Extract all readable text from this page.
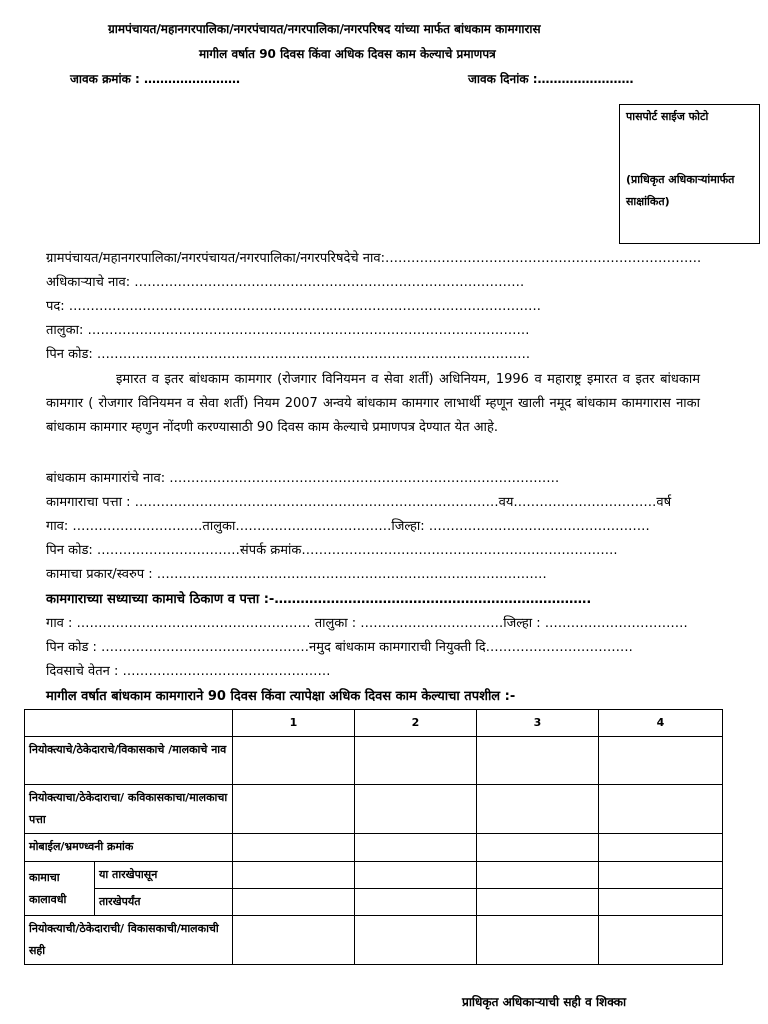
ग्रामपंचायत/महानगरपालिका/नगरपंचायत/नगरपालिका/नगरपरिषद यांच्या मार्फत बांधकाम कामगारास
मागील वर्षात 90 दिवस किंवा अधिक दिवस काम केल्याचे प्रमाणपत्र
जावक क्रमांक : ……………………	जावक दिनांक :……………………
पासपोर्ट साईज फोटो
(प्राधिकृत अधिकाऱ्यांमार्फत साक्षांकित)
ग्रामपंचायत/महानगरपालिका/नगरपंचायत/नगरपालिका/नगरपरिषदेचे नाव:……………………………………………………………….
अधिकाऱ्याचे नाव: ………………………………………………………………………………
पद: ……………………………………………………………………………………………….
तालुका: …………………………………………………………………………………………
पिन कोड: ……………………………………………………………………………………….
इमारत व इतर बांधकाम कामगार (रोजगार विनियमन व सेवा शर्ती) अधिनियम, 1996 व महाराष्ट्र इमारत व इतर बांधकाम कामगार ( रोजगार विनियमन व सेवा शर्ती) नियम 2007 अन्वये बांधकाम कामगार लाभार्थी म्हणून खाली नमूद बांधकाम कामगारास नाका बांधकाम कामगार म्हणुन नोंदणी करण्यासाठी 90 दिवस काम केल्याचे प्रमाणपत्र देण्यात येत आहे.
बांधकाम कामगारांचे नाव: ………………………………………………………………………………
कामगाराचा पत्ता : …………………………………………………………………………वय……………………………वर्ष
गाव: …………………………तालुका………………………………जिल्हा: ……………………………………………
पिन कोड: ……………………………संपर्क क्रमांक……………………………………………………………….
कामाचा प्रकार/स्वरुप : ………………………………………………………………………………
कामगाराच्या सध्याच्या कामाचे ठिकाण व पत्ता :-……………………………………………………………….
गाव : ……………………………………………… तालुका : ……………………………जिल्हा : ……………………………
पिन कोड : …………………………………………नमुद बांधकाम कामगाराची नियुक्ती दि…………………………….
दिवसाचे वेतन : …………………………………………
मागील वर्षात बांधकाम कामगाराने 90 दिवस किंवा त्यापेक्षा अधिक दिवस काम केल्याचा तपशील :-
		1	2	3	4
नियोक्त्याचे/ठेकेदाराचे/विकासकाचे /मालकाचे नाव					
नियोक्त्याचा/ठेकेदाराचा/ कविकासकाचा/मालकाचा पत्ता					
मोबाईल/भ्रमण्ध्वनी क्रमांक					
कामाचा कालावधी	या तारखेपासून				
	तारखेपर्यंत				
नियोक्त्याची/ठेकेदाराची/ विकासकाची/मालकाची सही					
प्राधिकृत अधिकाऱ्याची सही व शिक्का
